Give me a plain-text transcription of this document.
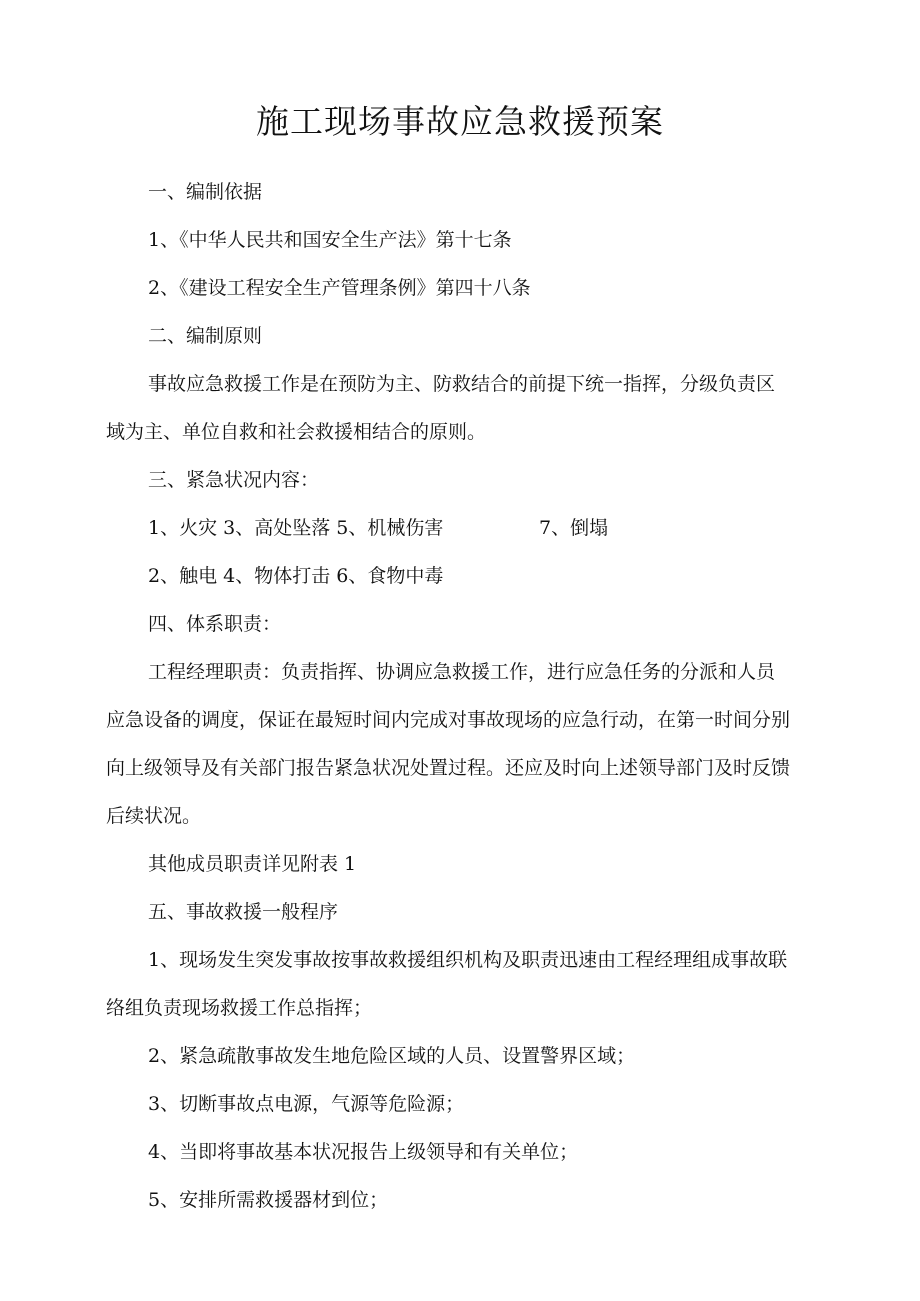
施工现场事故应急救援预案
一、编制依据
1、《中华人民共和国安全生产法》第十七条
2、《建设工程安全生产管理条例》第四十八条
二、编制原则
事故应急救援工作是在预防为主、防救结合的前提下统一指挥，分级负责区
域为主、单位自救和社会救援相结合的原则。
三、紧急状况内容：
1、火灾 3、高处坠落 5、机械伤害	7、倒塌
2、触电 4、物体打击 6、食物中毒
四、体系职责：
工程经理职责：负责指挥、协调应急救援工作，进行应急任务的分派和人员
应急设备的调度，保证在最短时间内完成对事故现场的应急行动，在第一时间分别
向上级领导及有关部门报告紧急状况处置过程。还应及时向上述领导部门及时反馈
后续状况。
其他成员职责详见附表 1
五、事故救援一般程序
1、现场发生突发事故按事故救援组织机构及职责迅速由工程经理组成事故联
络组负责现场救援工作总指挥；
2、紧急疏散事故发生地危险区域的人员、设置警界区域；
3、切断事故点电源，气源等危险源；
4、当即将事故基本状况报告上级领导和有关单位；
5、安排所需救援器材到位；
